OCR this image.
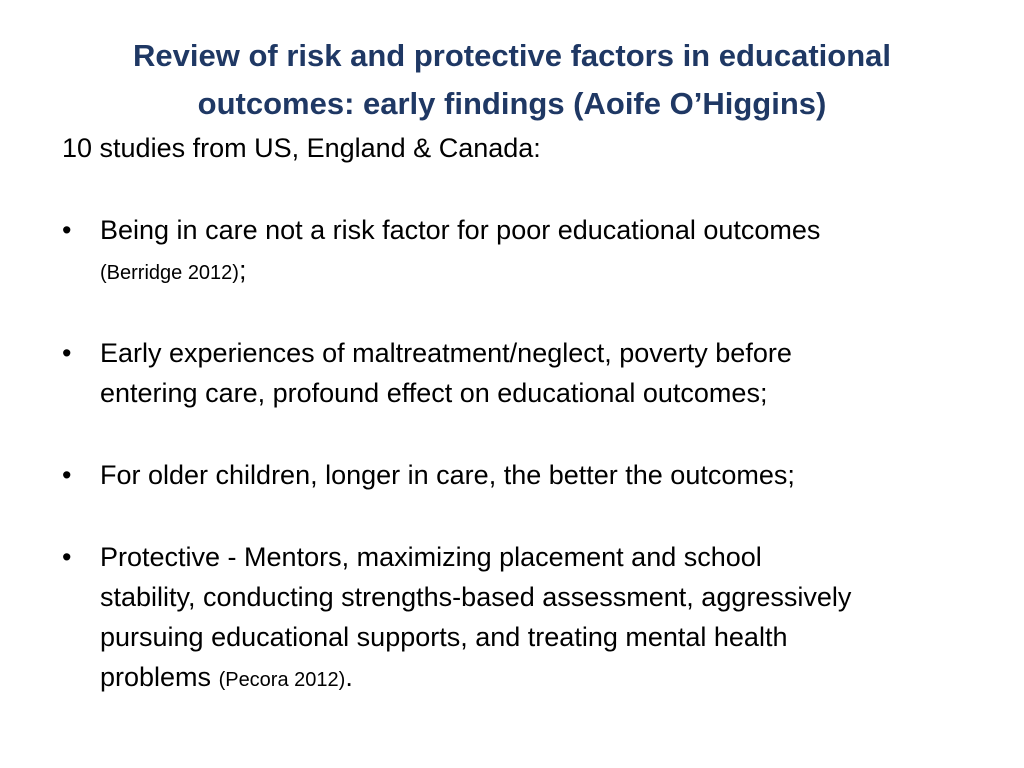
Review of risk and protective factors in educational
outcomes: early findings (Aoife O’Higgins)
10 studies from US, England & Canada:
•	Being in care not a risk factor for poor educational outcomes
(Berridge 2012);
•	Early experiences of maltreatment/neglect, poverty before
entering care, profound effect on educational outcomes;
•	For older children, longer in care, the better the outcomes;
•	Protective - Mentors, maximizing placement and school
stability, conducting strengths-based assessment, aggressively
pursuing educational supports, and treating mental health
problems (Pecora 2012).
